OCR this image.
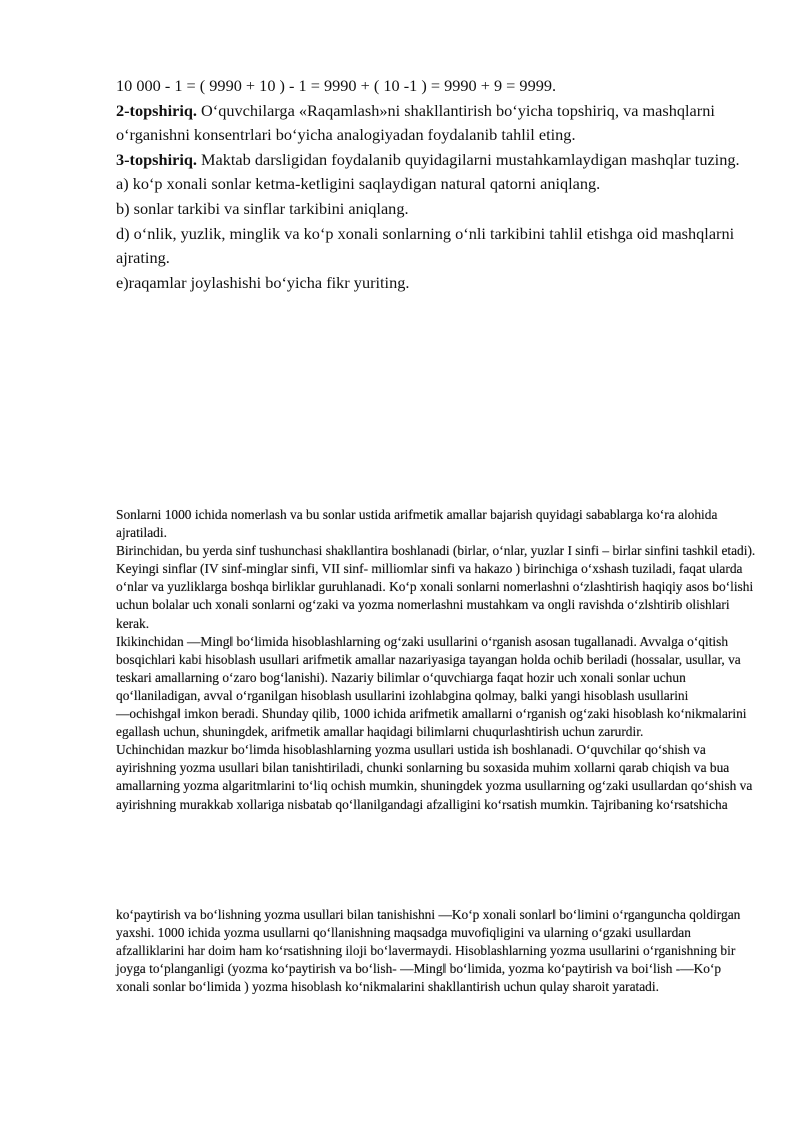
10 000 - 1 = ( 9990 + 10 ) - 1 = 9990 + ( 10 -1 ) = 9990 + 9 = 9999.

2-topshiriq. O‘quvchilarga «Raqamlash»ni shakllantirish bo‘yicha topshiriq, va mashqlarni o‘rganishni konsentrlari bo‘yicha analogiyadan foydalanib tahlil eting.

3-topshiriq. Maktab darsligidan foydalanib quyidagilarni mustahkamlaydigan mashqlar tuzing.

a) ko‘p xonali sonlar ketma-ketligini saqlaydigan natural qatorni aniqlang.

b) sonlar tarkibi va sinflar tarkibini aniqlang.

d) o‘nlik, yuzlik, minglik va ko‘p xonali sonlarning o‘nli tarkibini tahlil etishga oid mashqlarni ajrating.

e)raqamlar joylashishi bo‘yicha fikr yuriting.

Sonlarni 1000 ichida nomerlash va bu sonlar ustida arifmetik amallar bajarish quyidagi sabablarga ko‘ra alohida ajratiladi.

Birinchidan, bu yerda sinf tushunchasi shakllantira boshlanadi (birlar, o‘nlar, yuzlar I sinfi – birlar sinfini tashkil etadi). Keyingi sinflar (IV sinf-minglar sinfi, VII sinf- milliomlar sinfi va hakazo ) birinchiga o‘xshash tuziladi, faqat ularda o‘nlar va yuzliklarga boshqa birliklar guruhlanadi. Ko‘p xonali sonlarni nomerlashni o‘zlashtirish haqiqiy asos bo‘lishi uchun bolalar uch xonali sonlarni og‘zaki va yozma nomerlashni mustahkam va ongli ravishda o‘zlshtirib olishlari kerak.

Ikikinchidan ―Ming‖ bo‘limida hisoblashlarning og‘zaki usullarini o‘rganish asosan tugallanadi. Avvalga o‘qitish bosqichlari kabi hisoblash usullari arifmetik amallar nazariyasiga tayangan holda ochib beriladi (hossalar, usullar, va teskari amallarning o‘zaro bog‘lanishi). Nazariy bilimlar o‘quvchiarga faqat hozir uch xonali sonlar uchun qo‘llaniladigan, avval o‘rganilgan hisoblash usullarini izohlabgina qolmay, balki yangi hisoblash usullarini ―ochishga‖ imkon beradi. Shunday qilib, 1000 ichida arifmetik amallarni o‘rganish og‘zaki hisoblash ko‘nikmalarini egallash uchun, shuningdek, arifmetik amallar haqidagi bilimlarni chuqurlashtirish uchun zarurdir.

Uchinchidan mazkur bo‘limda hisoblashlarning yozma usullari ustida ish boshlanadi. O‘quvchilar qo‘shish va ayirishning yozma usullari bilan tanishtiriladi, chunki sonlarning bu soxasida muhim xollarni qarab chiqish va bua amallarning yozma algaritmlarini to‘liq ochish mumkin, shuningdek yozma usullarning og‘zaki usullardan qo‘shish va ayirishning murakkab xollariga nisbatab qo‘llanilgandagi afzalligini ko‘rsatish mumkin. Tajribaning ko‘rsatshicha

ko‘paytirish va bo‘lishning yozma usullari bilan tanishishni ―Ko‘p xonali sonlar‖ bo‘limini o‘rgangunchа qoldirgan yaxshi. 1000 ichida yozma usullarni qo‘llanishning maqsadga muvofiqligini va ularning o‘gzaki usullardan afzalliklarini har doim ham ko‘rsatishning iloji bo‘lavermaydi. Hisoblashlarning yozma usullarini o‘rganishning bir joyga to‘planganligi (yozma ko‘paytirish va bo‘lish- ―Ming‖ bo‘limida, yozma ko‘paytirish va boi‘lish -―Ko‘p xonali sonlar bo‘limida ) yozma hisoblash ko‘nikmalarini shakllantirish uchun qulay sharoit yaratadi.
